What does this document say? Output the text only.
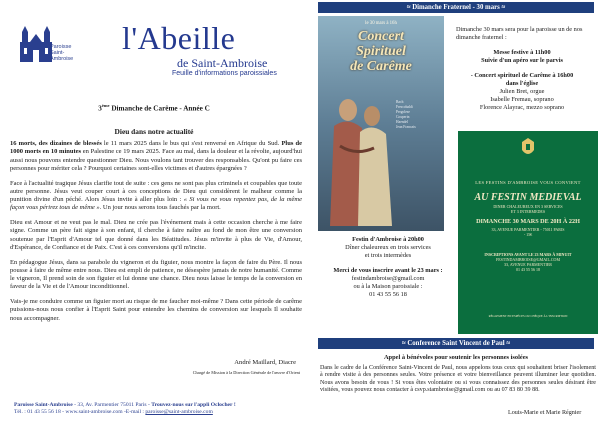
Paroisse
Saint-Ambroise
l'Abeille
de Saint-Ambroise
Feuille d'informations paroissiales
3ème Dimanche de Carême - Année C
Dieu dans notre actualité

16 morts, des dizaines de blessés le 11 mars 2025 dans le bus qui s'est renversé en Afrique du Sud. Plus de 1000 morts en 10 minutes en Palestine ce 19 mars 2025. Face au mal, dans la douleur et la révolte, aujourd'hui aussi nous pouvons entendre questionner Dieu. Nous voulons tant trouver des responsables. Qu'ont pu faire ces personnes pour mériter cela ? Pourquoi certaines sont-elles victimes et d'autres épargnées ?

Face à l'actualité tragique Jésus clarifie tout de suite : ces gens ne sont pas plus criminels et coupables que toute autre personne. Jésus veut couper court à ces conceptions de Dieu qui considèrent le malheur comme la punition divine d'un péché. Alors Jésus invite à aller plus loin : « Si vous ne vous repentez pas, de la même façon vous périrez tous de même ». Un jour nous serons tous fauchés par la mort.

Dieu est Amour et ne veut pas le mal. Dieu ne crée pas l'événement mais à cette occasion cherche à me faire signe. Comme un père fait signe à son enfant, il cherche à faire naître au fond de mon être une conversion soutenue par l'Esprit d'Amour tel que donné dans les Béatitudes. Jésus m'invite à plus de Vie, d'Amour, d'Espérance, de Confiance et de Paix. C'est à ces conversions qu'il m'incite.

En pédagogue Jésus, dans sa parabole du vigneron et du figuier, nous montre la façon de faire du Père. Il nous pousse à faire de même entre nous. Dieu est empli de patience, ne désespère jamais de notre humanité. Comme le vigneron, Il prend soin de son figuier et lui donne une chance. Dieu nous laisse le temps de la conversion en faveur de la Vie et de l'Amour inconditionnel.

Vais-je me conduire comme un figuier mort au risque de me faucher moi-même ? Dans cette période de carême puissions-nous nous confier à l'Esprit Saint pour entendre les chemins de conversion sur lesquels Il souhaite nous accompagner.

André Maillard, Diacre
Chargé de Mission à la Direction Générale de l'œuvre d'Orient
Paroisse Saint-Ambroise - 33, Av. Parmentier 75011 Paris - Trouvez-nous sur l'appli Oclocher !
Tél. : 01 43 55 56 18 - www.saint-ambroise.com -E-mail : paroisse@saint-ambroise.com
≈ Dimanche Fraternel - 30 mars ≈
le 30 mars à 16h
Concert
Spirituel
de Carême
Bach
Frescobaldi
Pergolese
Couperin
Haendel
Jean Francaix
Dimanche 30 mars sera pour la paroisse un de nos dimanche fraternel :
Messe festive à 11h00
Suivie d'un apéro sur le parvis
- Concert spirituel de Carême à 16h00
dans l'église
Julien Bret, orgue
Isabelle Fremau, soprano
Florence Alayrac, mezzo soprano
Festin d'Ambroise à 20h00
Dîner chaleureux en trois services
et trois intermèdes
Merci de vous inscrire avant le 23 mars :
festindambroise@gmail.com
ou à la Maison paroissiale :
01 43 55 56 18
LES FESTINS D'AMBROISE VOUS CONVIENT
AU FESTIN MEDIEVAL
DINER CHALEUREUX EN 3 SERVICES
ET 3 INTERMEDES
DIMANCHE 30 MARS DE 20H À 22H
33, AVENUE PARMENTIER - 75011 PARIS
- 15€
INSCRIPTIONS AVANT LE 23 MARS À MINUIT
FESTINDAMBROISE@GMAIL.COM
33, AVENUE PARMENTIER
01 43 55 56 18
RÈGLEMENT EN ESPÈCES OU CHÈQUE À L'INSCRIPTION
≈ Conference Saint Vincent de Paul ≈
Appel à bénévoles pour soutenir les personnes isolées
Dans le cadre de la Conférence Saint-Vincent de Paul, nous appelons tous ceux qui souhaitent briser l'isolement à rendre visite à des personnes seules. Votre présence et votre bienveillance peuvent illuminer leur quotidien. Nous avons besoin de vous ! Si vous êtes volontaire ou si vous connaissez des personnes seules désirant être visitées, vous pouvez nous contacter à csvp.stambroise@gmail.com ou au 07 83 80 39 88.
Louis-Marie et Marie Régnier
